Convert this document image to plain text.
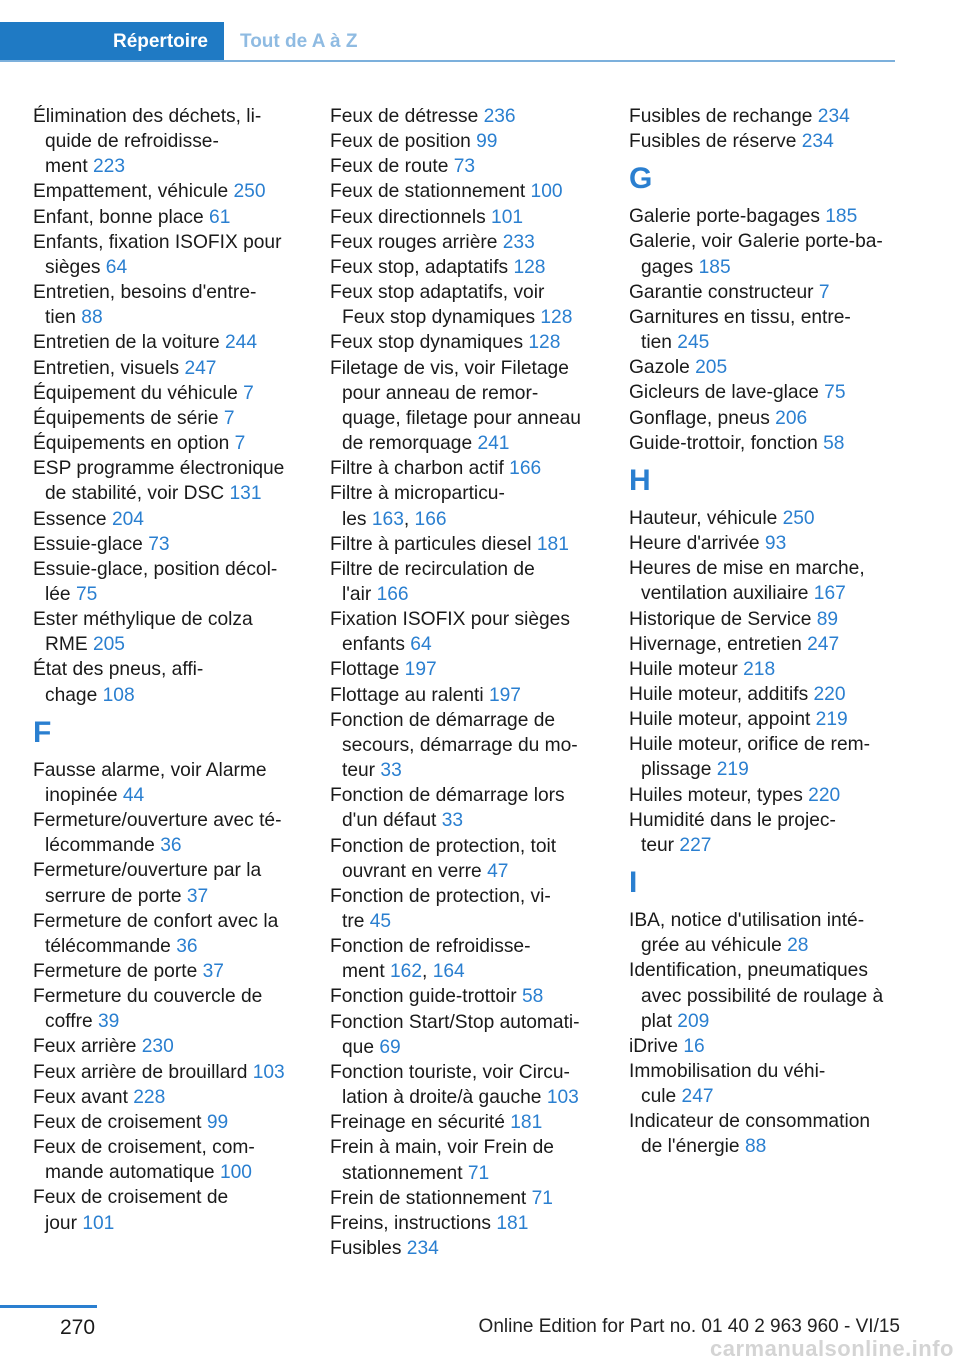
Répertoire	Tout de A à Z
Élimination des déchets, li-
quide de refroidisse-
ment 223
Empattement, véhicule 250
Enfant, bonne place 61
Enfants, fixation ISOFIX pour
sièges 64
Entretien, besoins d'entre-
tien 88
Entretien de la voiture 244
Entretien, visuels 247
Équipement du véhicule 7
Équipements de série 7
Équipements en option 7
ESP programme électronique
de stabilité, voir DSC 131
Essence 204
Essuie-glace 73
Essuie-glace, position décol-
lée 75
Ester méthylique de colza
RME 205
État des pneus, affi-
chage 108
F
Fausse alarme, voir Alarme
inopinée 44
Fermeture/ouverture avec té-
lécommande 36
Fermeture/ouverture par la
serrure de porte 37
Fermeture de confort avec la
télécommande 36
Fermeture de porte 37
Fermeture du couvercle de
coffre 39
Feux arrière 230
Feux arrière de brouillard 103
Feux avant 228
Feux de croisement 99
Feux de croisement, com-
mande automatique 100
Feux de croisement de
jour 101
Feux de détresse 236
Feux de position 99
Feux de route 73
Feux de stationnement 100
Feux directionnels 101
Feux rouges arrière 233
Feux stop, adaptatifs 128
Feux stop adaptatifs, voir
Feux stop dynamiques 128
Feux stop dynamiques 128
Filetage de vis, voir Filetage
pour anneau de remor-
quage, filetage pour anneau
de remorquage 241
Filtre à charbon actif 166
Filtre à microparticu-
les 163, 166
Filtre à particules diesel 181
Filtre de recirculation de
l'air 166
Fixation ISOFIX pour sièges
enfants 64
Flottage 197
Flottage au ralenti 197
Fonction de démarrage de
secours, démarrage du mo-
teur 33
Fonction de démarrage lors
d'un défaut 33
Fonction de protection, toit
ouvrant en verre 47
Fonction de protection, vi-
tre 45
Fonction de refroidisse-
ment 162, 164
Fonction guide-trottoir 58
Fonction Start/Stop automati-
que 69
Fonction touriste, voir Circu-
lation à droite/à gauche 103
Freinage en sécurité 181
Frein à main, voir Frein de
stationnement 71
Frein de stationnement 71
Freins, instructions 181
Fusibles 234
Fusibles de rechange 234
Fusibles de réserve 234
G
Galerie porte-bagages 185
Galerie, voir Galerie porte-ba-
gages 185
Garantie constructeur 7
Garnitures en tissu, entre-
tien 245
Gazole 205
Gicleurs de lave-glace 75
Gonflage, pneus 206
Guide-trottoir, fonction 58
H
Hauteur, véhicule 250
Heure d'arrivée 93
Heures de mise en marche,
ventilation auxiliaire 167
Historique de Service 89
Hivernage, entretien 247
Huile moteur 218
Huile moteur, additifs 220
Huile moteur, appoint 219
Huile moteur, orifice de rem-
plissage 219
Huiles moteur, types 220
Humidité dans le projec-
teur 227
I
IBA, notice d'utilisation inté-
grée au véhicule 28
Identification, pneumatiques
avec possibilité de roulage à
plat 209
iDrive 16
Immobilisation du véhi-
cule 247
Indicateur de consommation
de l'énergie 88
270	Online Edition for Part no. 01 40 2 963 960 - VI/15
carmanualsonline.info
